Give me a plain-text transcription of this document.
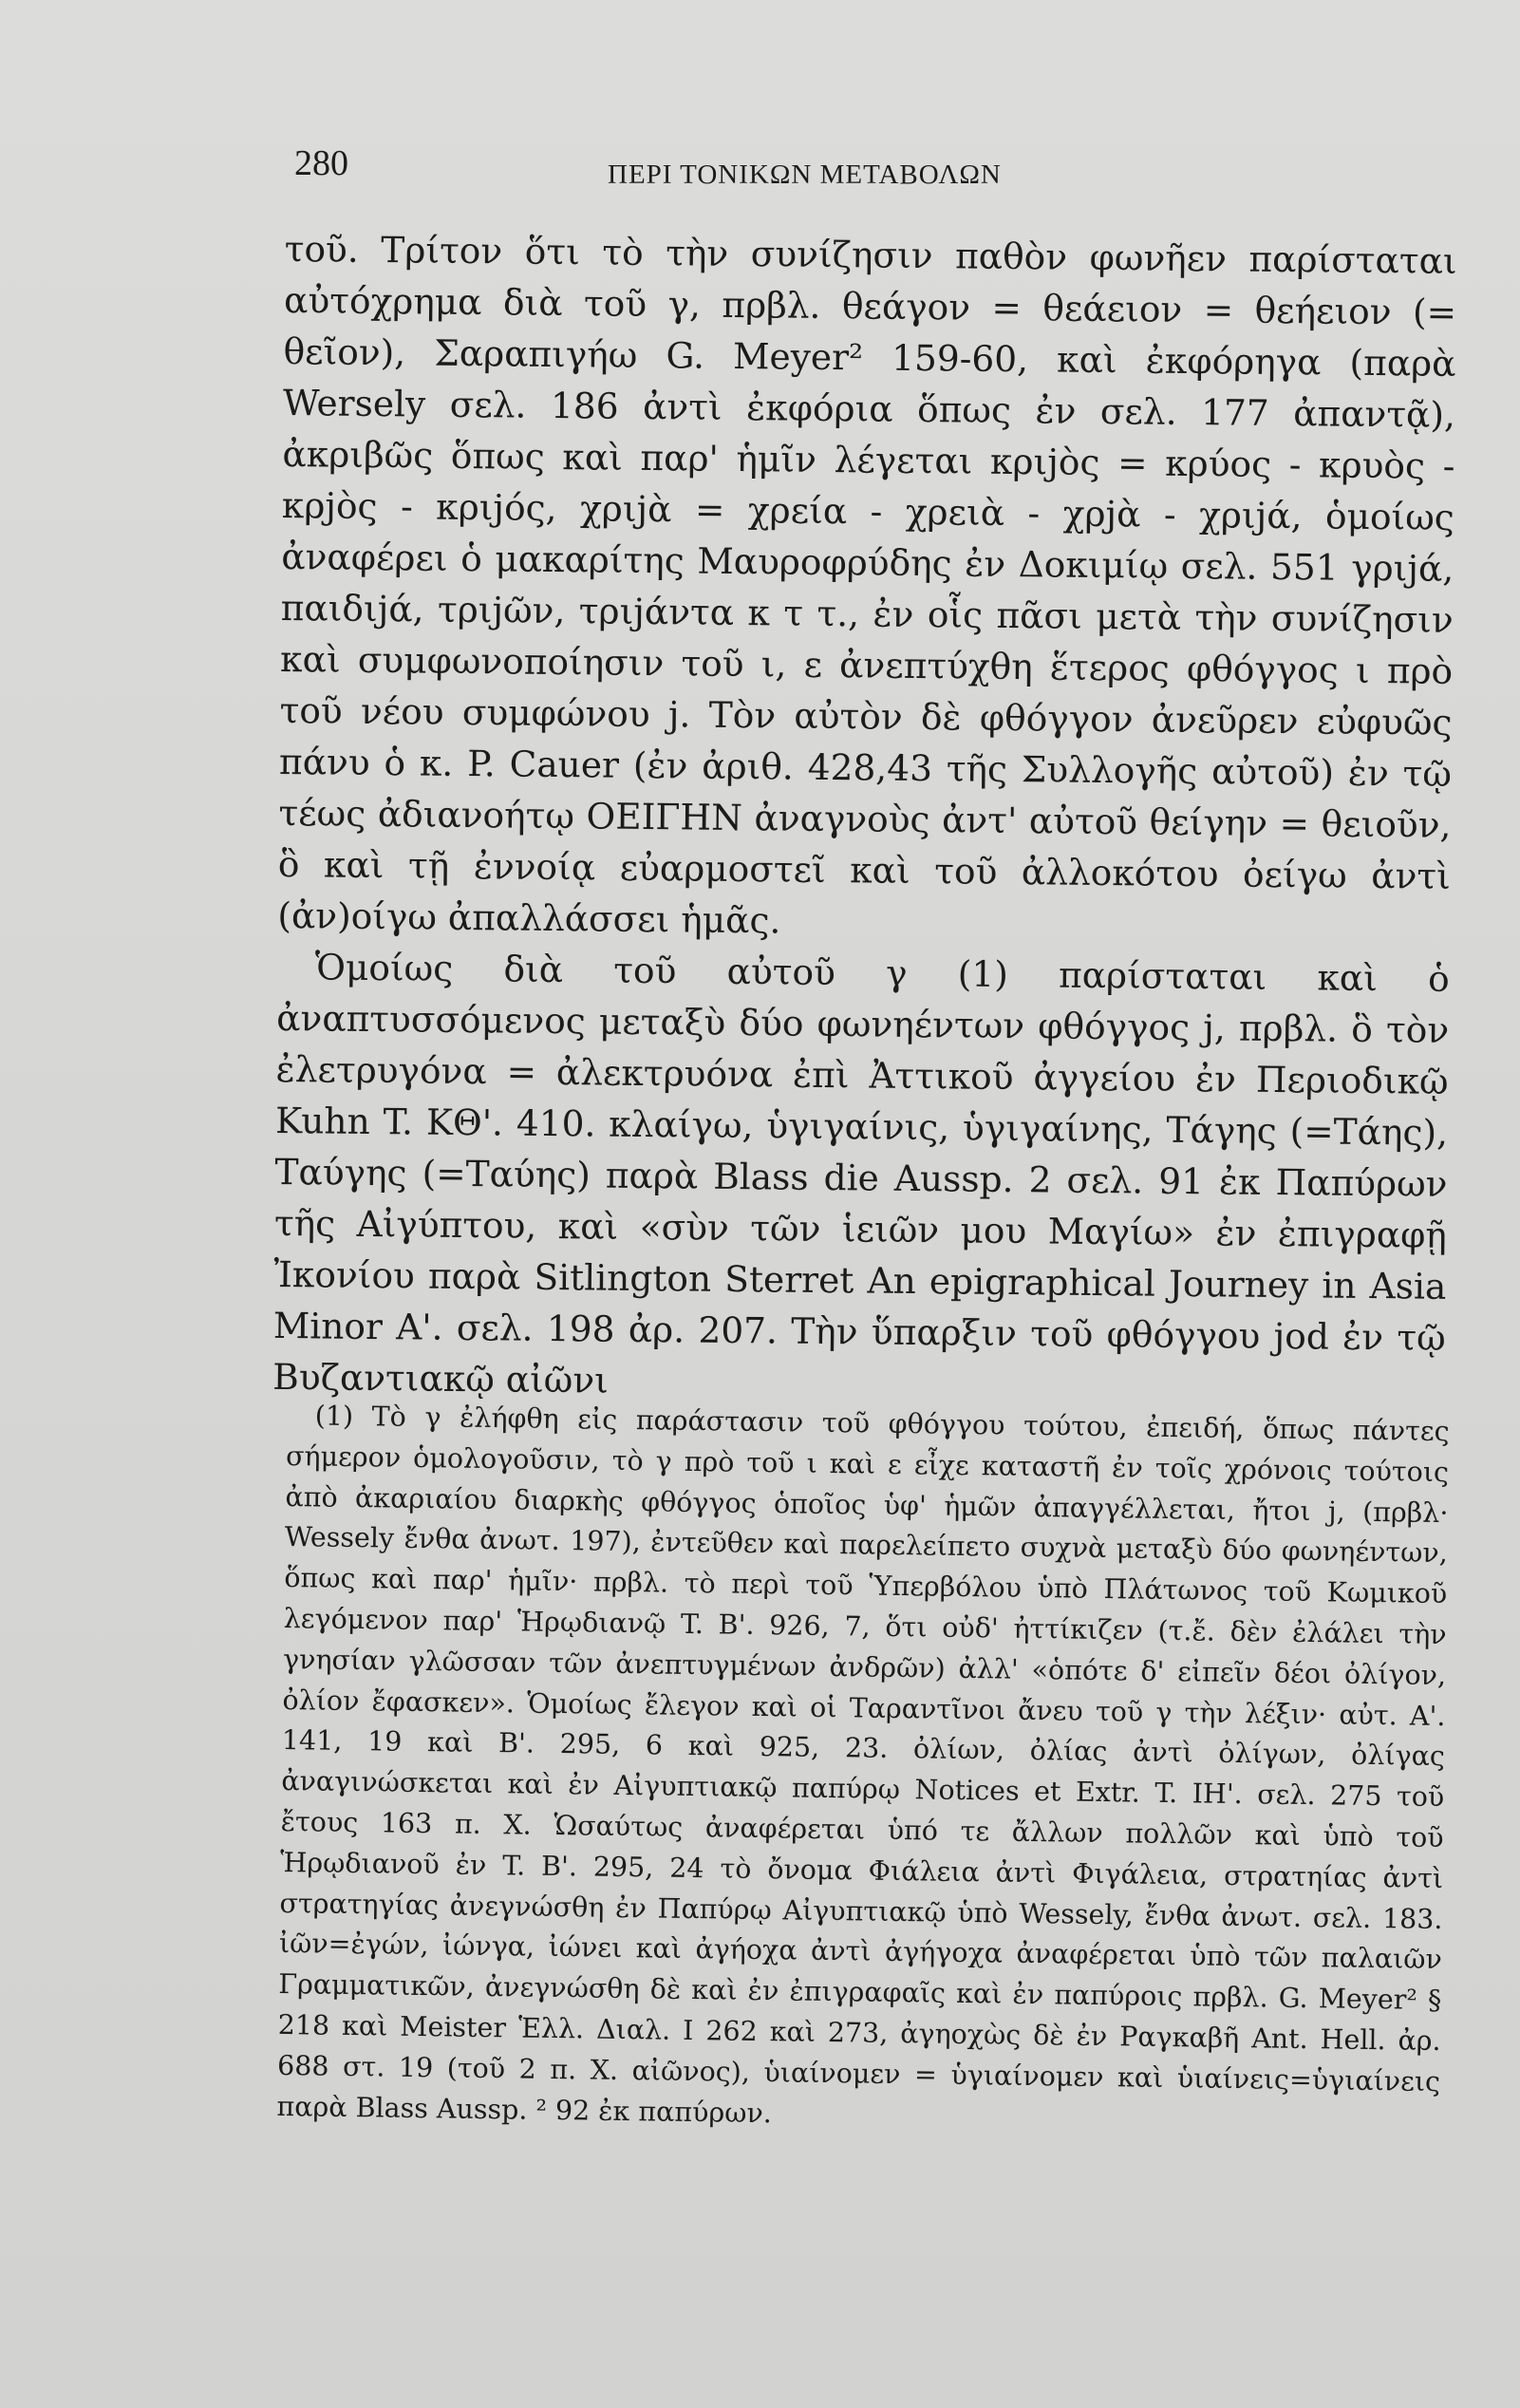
280	ΠΕΡΙ ΤΟΝΙΚΩΝ ΜΕΤΑΒΟΛΩΝ

τοῦ. Τρίτον ὅτι τὸ τὴν συνίζησιν παθὸν φωνῆεν παρίσταται αὐτόχρημα διὰ τοῦ γ, πρβλ. θεάγον = θεάειον = θεήειον (= θεῖον), Σαραπιγήω G. Meyer² 159-60, καὶ ἐκφόρηγα (παρὰ Wersely σελ. 186 ἀντὶ ἐκφόρια ὅπως ἐν σελ. 177 ἀπαντᾷ), ἀκριβῶς ὅπως καὶ παρ' ἡμῖν λέγεται κριjὸς = κρύος - κρυὸς - κρjὸς - κριjός, χριjὰ = χρεία - χρειὰ - χρjὰ - χριjά, ὁμοίως ἀναφέρει ὁ μακαρίτης Μαυροφρύδης ἐν Δοκιμίῳ σελ. 551 γριjά, παιδιjά, τριjῶν, τριjάντα κ τ τ., ἐν οἷς πᾶσι μετὰ τὴν συνίζησιν καὶ συμφωνοποίησιν τοῦ ι, ε ἀνεπτύχθη ἕτερος φθόγγος ι πρὸ τοῦ νέου συμφώνου j. Τὸν αὐτὸν δὲ φθόγγον ἀνεῦρεν εὐφυῶς πάνυ ὁ κ. P. Cauer (ἐν ἀριθ. 428,43 τῆς Συλλογῆς αὐτοῦ) ἐν τῷ τέως ἀδιανοήτῳ ΟΕΙΓΗΝ ἀναγνοὺς ἀντ' αὐτοῦ θείγην = θειοῦν, ὃ καὶ τῇ ἐννοίᾳ εὐαρμοστεῖ καὶ τοῦ ἀλλοκότου ὀείγω ἀντὶ (ἀν)οίγω ἀπαλλάσσει ἡμᾶς.

Ὁμοίως διὰ τοῦ αὐτοῦ γ (1) παρίσταται καὶ ὁ ἀναπτυσσόμενος μεταξὺ δύο φωνηέντων φθόγγος j, πρβλ. ὃ τὸν ἐλετρυγόνα = ἀλεκτρυόνα ἐπὶ Ἀττικοῦ ἀγγείου ἐν Περιοδικῷ Kuhn T. ΚΘ'. 410. κλαίγω, ὑγιγαίνις, ὑγιγαίνης, Τάγης (=Τάης), Ταύγης (=Ταύης) παρὰ Blass die Aussp. 2 σελ. 91 ἐκ Παπύρων τῆς Αἰγύπτου, καὶ «σὺν τῶν ἱειῶν μου Μαγίω» ἐν ἐπιγραφῇ Ἰκονίου παρὰ Sitlington Sterret An epigraphical Journey in Asia Minor A'. σελ. 198 ἀρ. 207. Τὴν ὕπαρξιν τοῦ φθόγγου jod ἐν τῷ Βυζαντιακῷ αἰῶνι

(1) Τὸ γ ἐλήφθη εἰς παράστασιν τοῦ φθόγγου τούτου, ἐπειδή, ὅπως πάντες σήμερον ὁμολογοῦσιν, τὸ γ πρὸ τοῦ ι καὶ ε εἶχε καταστῆ ἐν τοῖς χρόνοις τούτοις ἀπὸ ἀκαριαίου διαρκὴς φθόγγος ὁποῖος ὑφ' ἡμῶν ἀπαγγέλλεται, ἤτοι j, (πρβλ· Wessely ἔνθα ἀνωτ. 197), ἐντεῦθεν καὶ παρελείπετο συχνὰ μεταξὺ δύο φωνηέντων, ὅπως καὶ παρ' ἡμῖν· πρβλ. τὸ περὶ τοῦ Ὑπερβόλου ὑπὸ Πλάτωνος τοῦ Κωμικοῦ λεγόμενον παρ' Ἡρῳδιανῷ T. B'. 926, 7, ὅτι οὐδ' ἠττίκιζεν (τ.ἔ. δὲν ἐλάλει τὴν γνησίαν γλῶσσαν τῶν ἀνεπτυγμένων ἀνδρῶν) ἀλλ' «ὁπότε δ' εἰπεῖν δέοι ὀλίγον, ὀλίον ἔφασκεν». Ὁμοίως ἔλεγον καὶ οἱ Ταραντῖνοι ἄνευ τοῦ γ τὴν λέξιν· αὐτ. A'. 141, 19 καὶ B'. 295, 6 καὶ 925, 23. ὀλίων, ὀλίας ἀντὶ ὀλίγων, ὀλίγας ἀναγινώσκεται καὶ ἐν Αἰγυπτιακῷ παπύρῳ Notices et Extr. T. IH'. σελ. 275 τοῦ ἔτους 163 π. X. Ὡσαύτως ἀναφέρεται ὑπό τε ἄλλων πολλῶν καὶ ὑπὸ τοῦ Ἡρῳδιανοῦ ἐν T. B'. 295, 24 τὸ ὄνομα Φιάλεια ἀντὶ Φιγάλεια, στρατηίας ἀντὶ στρατηγίας ἀνεγνώσθη ἐν Παπύρῳ Αἰγυπτιακῷ ὑπὸ Wessely, ἔνθα ἀνωτ. σελ. 183. ἰῶν=ἐγών, ἰώνγα, ἰώνει καὶ ἀγήοχα ἀντὶ ἀγήγοχα ἀναφέρεται ὑπὸ τῶν παλαιῶν Γραμματικῶν, ἀνεγνώσθη δὲ καὶ ἐν ἐπιγραφαῖς καὶ ἐν παπύροις πρβλ. G. Meyer² § 218 καὶ Meister Ἑλλ. Διαλ. I 262 καὶ 273, ἀγηοχὼς δὲ ἐν Ραγκαβῆ Ant. Hell. ἀρ. 688 στ. 19 (τοῦ 2 π. X. αἰῶνος), ὑιαίνομεν = ὑγιαίνομεν καὶ ὑιαίνεις=ὑγιαίνεις παρὰ Blass Aussp. ² 92 ἐκ παπύρων.
